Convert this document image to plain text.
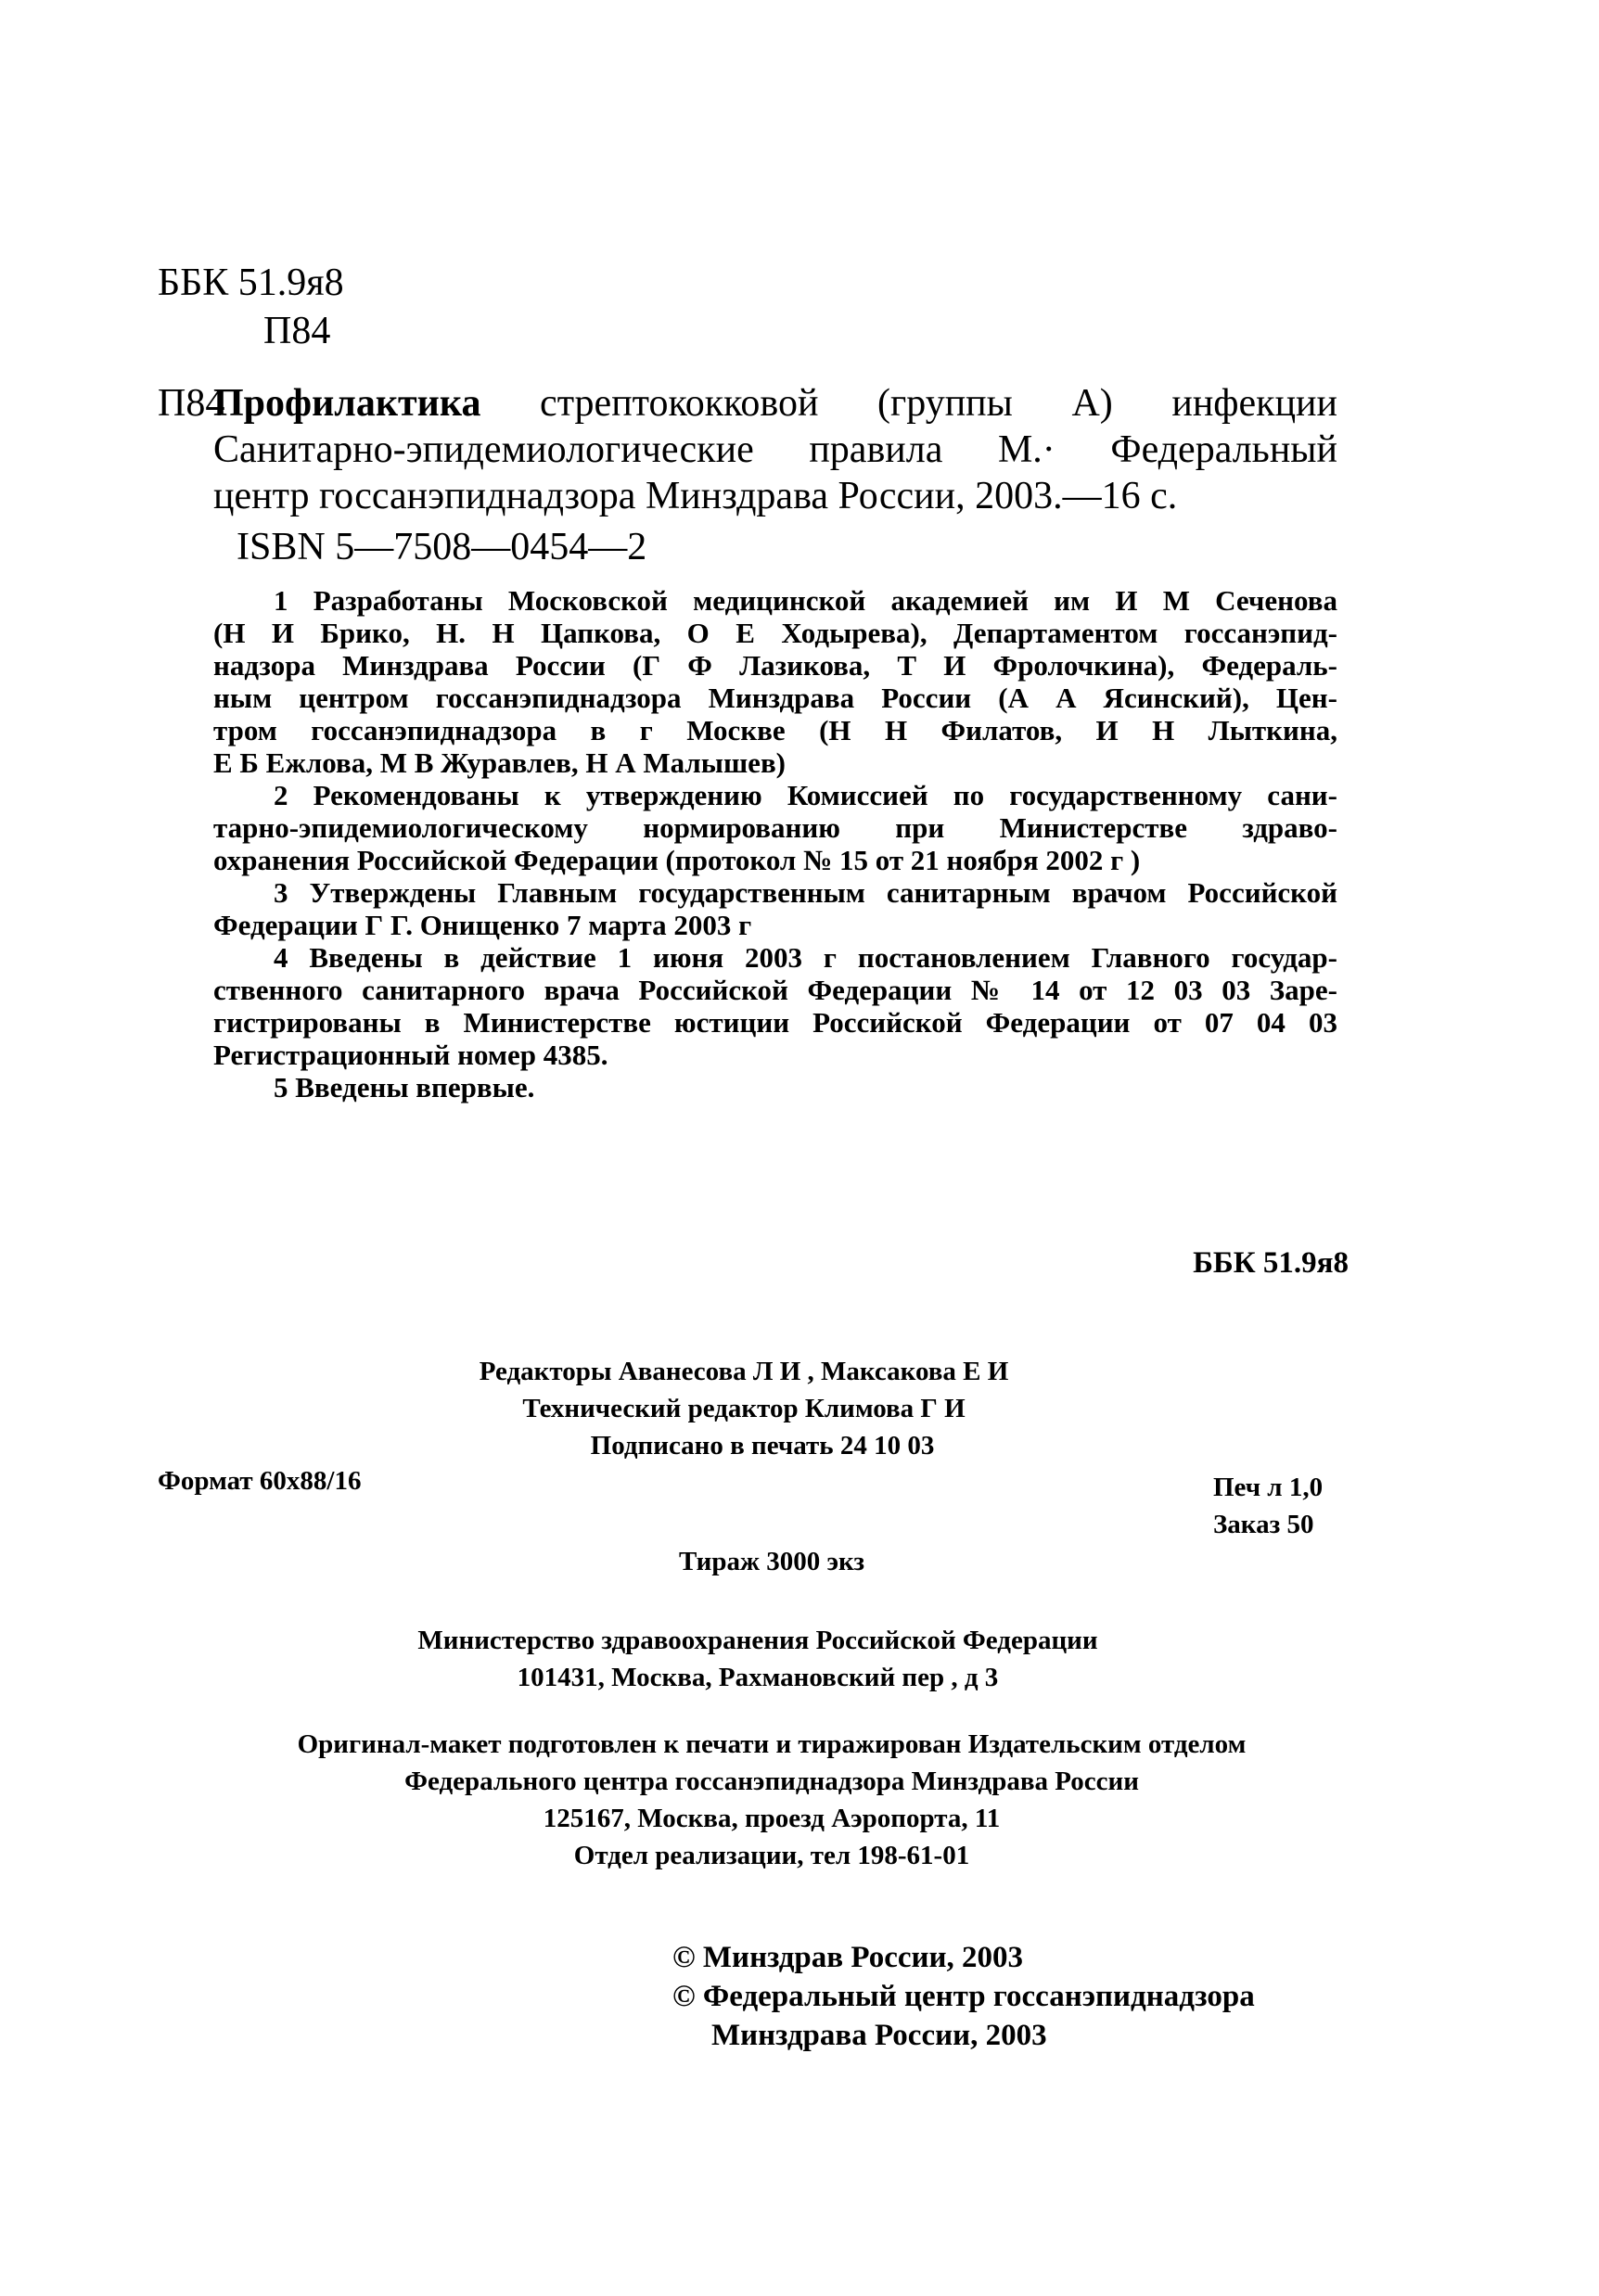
ББК 51.9я8
П84
П84
Профилактика стрептококковой (группы А) инфекции
Санитарно-эпидемиологические правила М.· Федеральный
центр госсанэпиднадзора Минздрава России, 2003.—16 с.
ISBN 5—7508—0454—2
1 Разработаны Московской медицинской академией им И М Сеченова
(Н И Брико, Н. Н Цапкова, О Е Ходырева), Департаментом госсанэпид-
надзора Минздрава России (Г Ф Лазикова, Т И Фролочкина), Федераль-
ным центром госсанэпиднадзора Минздрава России (А А Ясинский), Цен-
тром госсанэпиднадзора в г Москве (Н Н Филатов, И Н Лыткина,
Е Б Ежлова, М В Журавлев, Н А Малышев)
2 Рекомендованы к утверждению Комиссией по государственному сани-
тарно-эпидемиологическому нормированию при Министерстве здраво-
охранения Российской Федерации (протокол № 15 от 21 ноября 2002 г )
3 Утверждены Главным государственным санитарным врачом Российской
Федерации Г Г. Онищенко 7 марта 2003 г
4 Введены в действие 1 июня 2003 г постановлением Главного государ-
ственного санитарного врача Российской Федерации № 14 от 12 03 03 Заре-
гистрированы в Министерстве юстиции Российской Федерации от 07 04 03
Регистрационный номер 4385.
5 Введены впервые.
ББК 51.9я8
Редакторы Аванесова Л И , Максакова Е И
Технический редактор Климова Г И
Подписано в печать 24 10 03
Формат 60х88/16	Печ л 1,0
Заказ 50
Тираж 3000 экз
Министерство здравоохранения Российской Федерации
101431, Москва, Рахмановский пер , д 3
Оригинал-макет подготовлен к печати и тиражирован Издательским отделом
Федерального центра госсанэпиднадзора Минздрава России
125167, Москва, проезд Аэропорта, 11
Отдел реализации, тел 198-61-01
© Минздрав России, 2003
© Федеральный центр госсанэпиднадзора
Минздрава России, 2003
